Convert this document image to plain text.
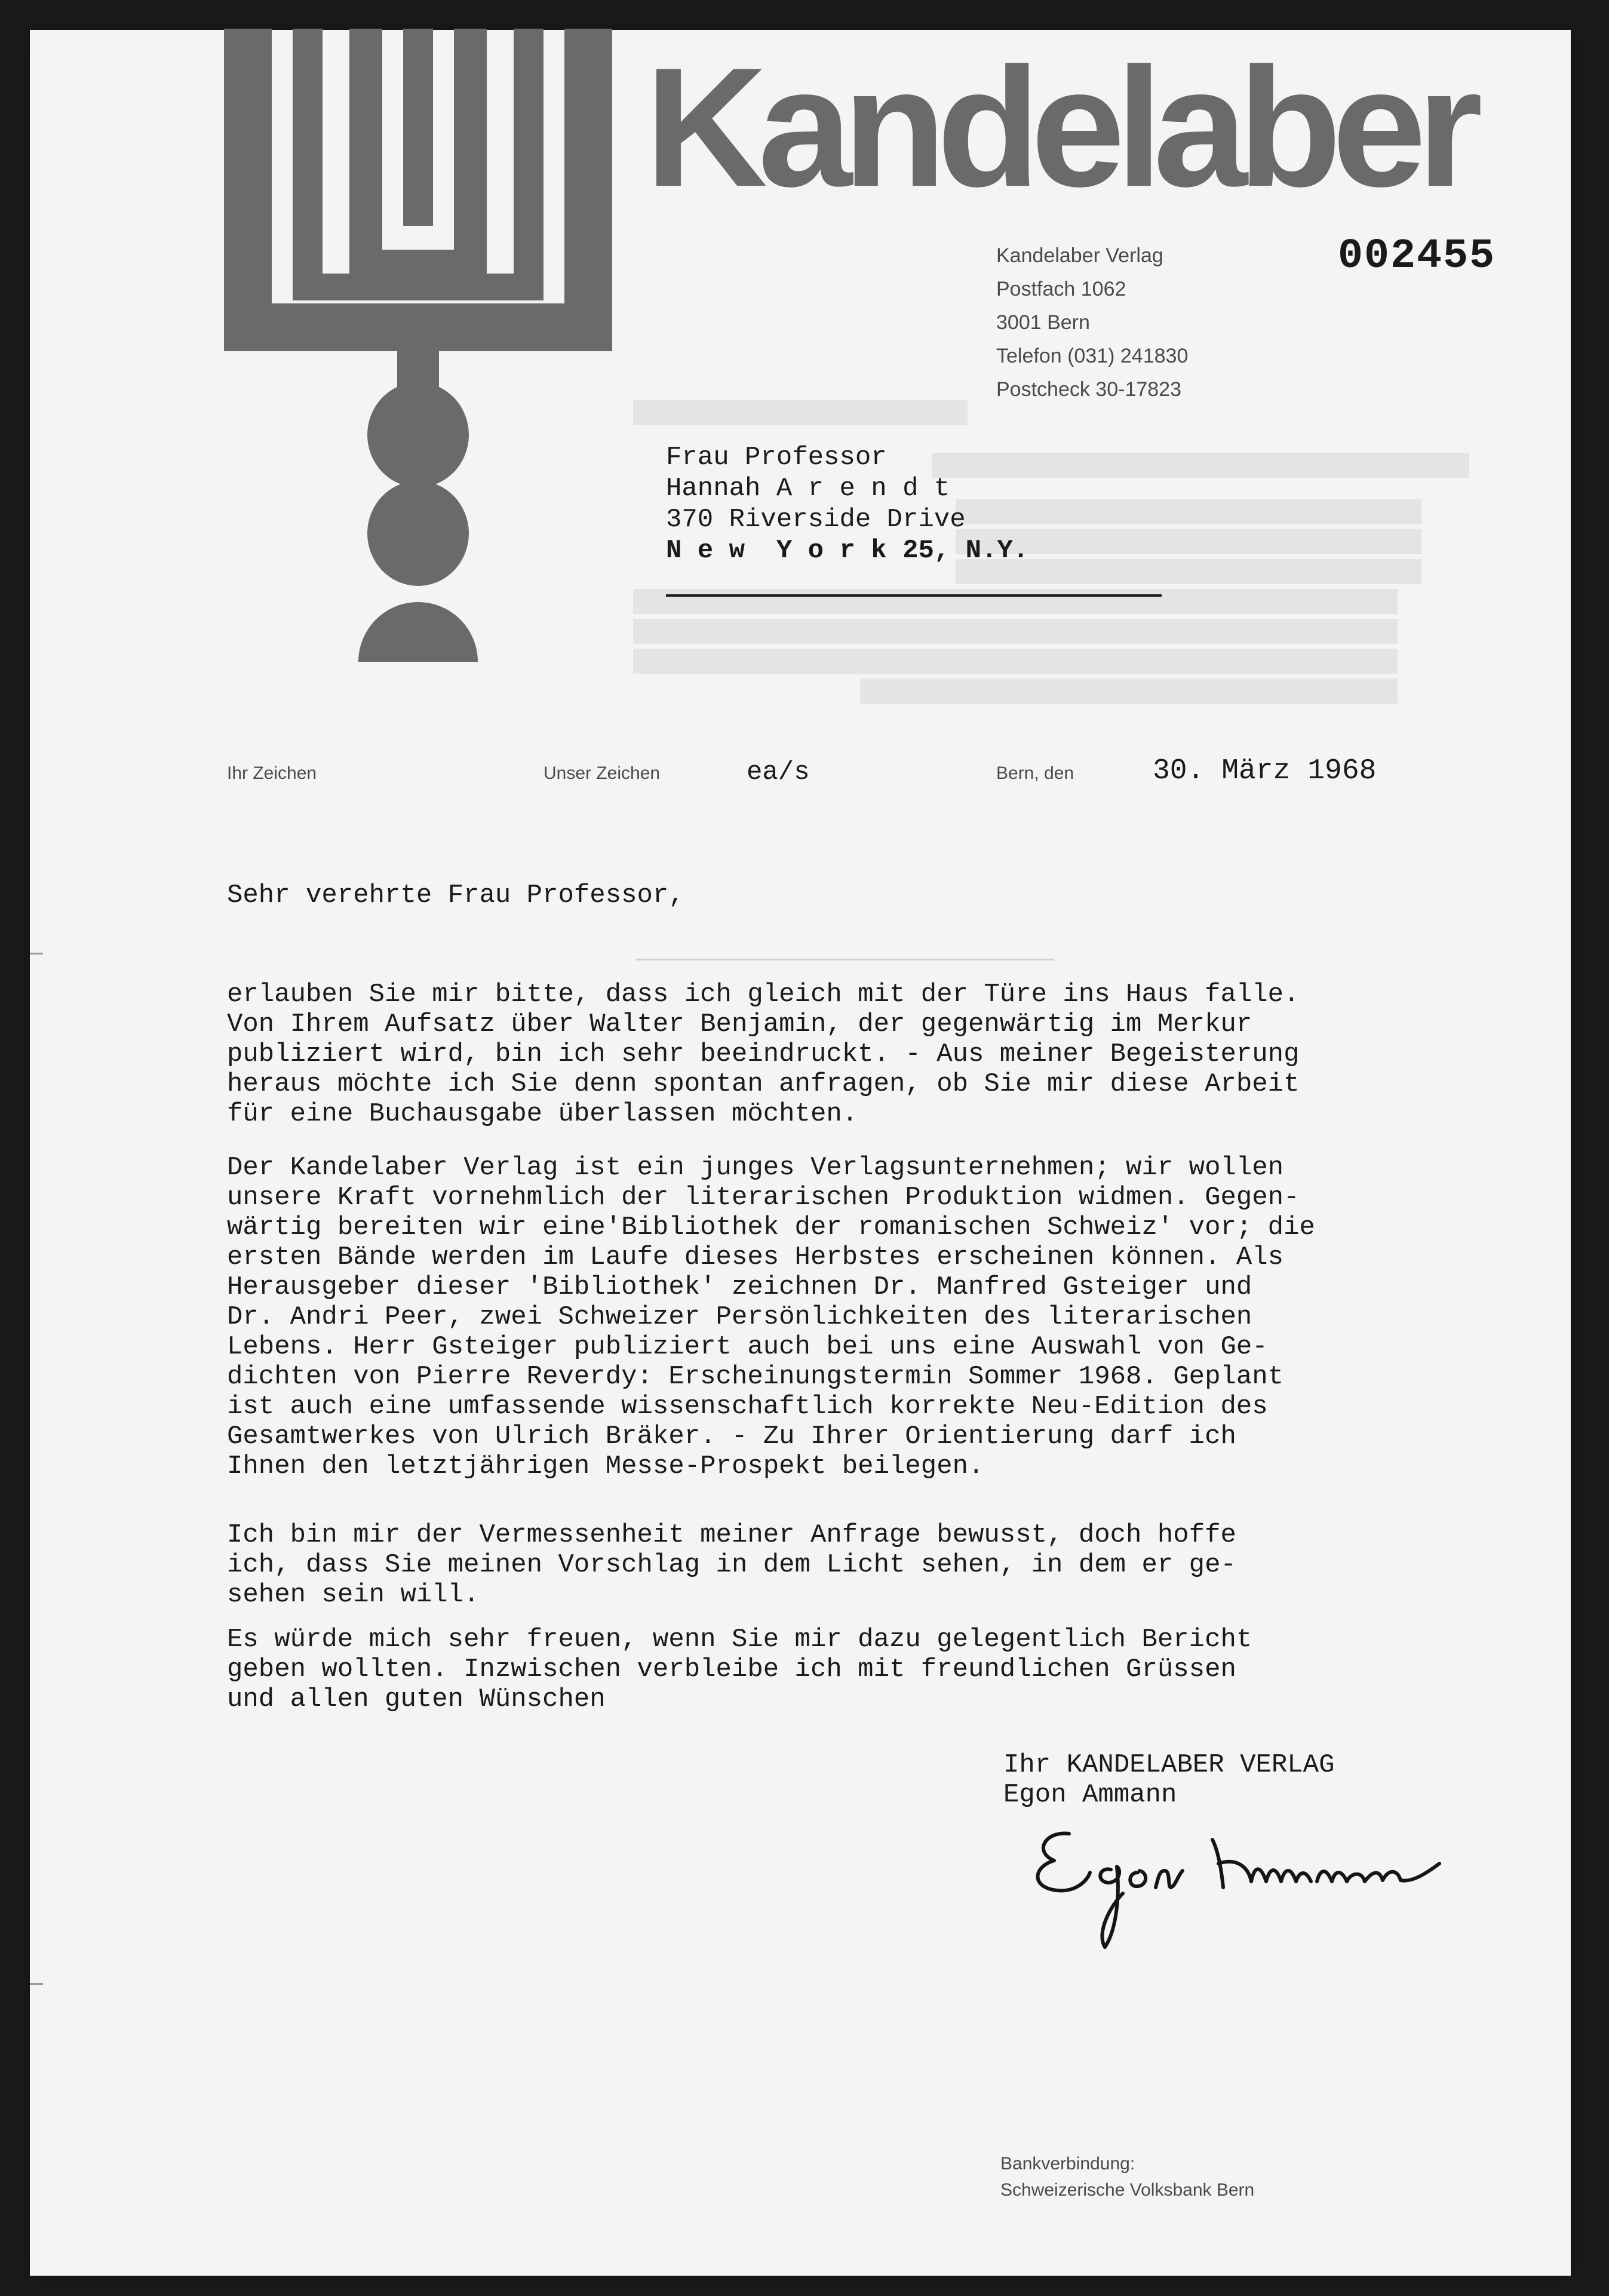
Kandelaber

Kandelaber Verlag

Postfach 1062

3001 Bern

Telefon (031) 241830

Postcheck 30-17823

002455

Frau Professor

Hannah A r e n d t

370 Riverside Drive

N e w  Y o r k 25, N.Y.

Ihr Zeichen	Unser Zeichen	ea/s	Bern, den	30. März 1968
Sehr verehrte Frau Professor,

erlauben Sie mir bitte, dass ich gleich mit der Türe ins Haus falle.
Von Ihrem Aufsatz über Walter Benjamin, der gegenwärtig im Merkur
publiziert wird, bin ich sehr beeindruckt. - Aus meiner Begeisterung
heraus möchte ich Sie denn spontan anfragen, ob Sie mir diese Arbeit
für eine Buchausgabe überlassen möchten.

Der Kandelaber Verlag ist ein junges Verlagsunternehmen; wir wollen
unsere Kraft vornehmlich der literarischen Produktion widmen. Gegen-
wärtig bereiten wir eine'Bibliothek der romanischen Schweiz' vor; die
ersten Bände werden im Laufe dieses Herbstes erscheinen können. Als
Herausgeber dieser 'Bibliothek' zeichnen Dr. Manfred Gsteiger und
Dr. Andri Peer, zwei Schweizer Persönlichkeiten des literarischen
Lebens. Herr Gsteiger publiziert auch bei uns eine Auswahl von Ge-
dichten von Pierre Reverdy: Erscheinungstermin Sommer 1968. Geplant
ist auch eine umfassende wissenschaftlich korrekte Neu-Edition des
Gesamtwerkes von Ulrich Bräker. - Zu Ihrer Orientierung darf ich
Ihnen den letztjährigen Messe-Prospekt beilegen.

Ich bin mir der Vermessenheit meiner Anfrage bewusst, doch hoffe
ich, dass Sie meinen Vorschlag in dem Licht sehen, in dem er ge-
sehen sein will.

Es würde mich sehr freuen, wenn Sie mir dazu gelegentlich Bericht
geben wollten. Inzwischen verbleibe ich mit freundlichen Grüssen
und allen guten Wünschen

Ihr KANDELABER VERLAG
Egon Ammann
Bankverbindung:
Schweizerische Volksbank Bern
